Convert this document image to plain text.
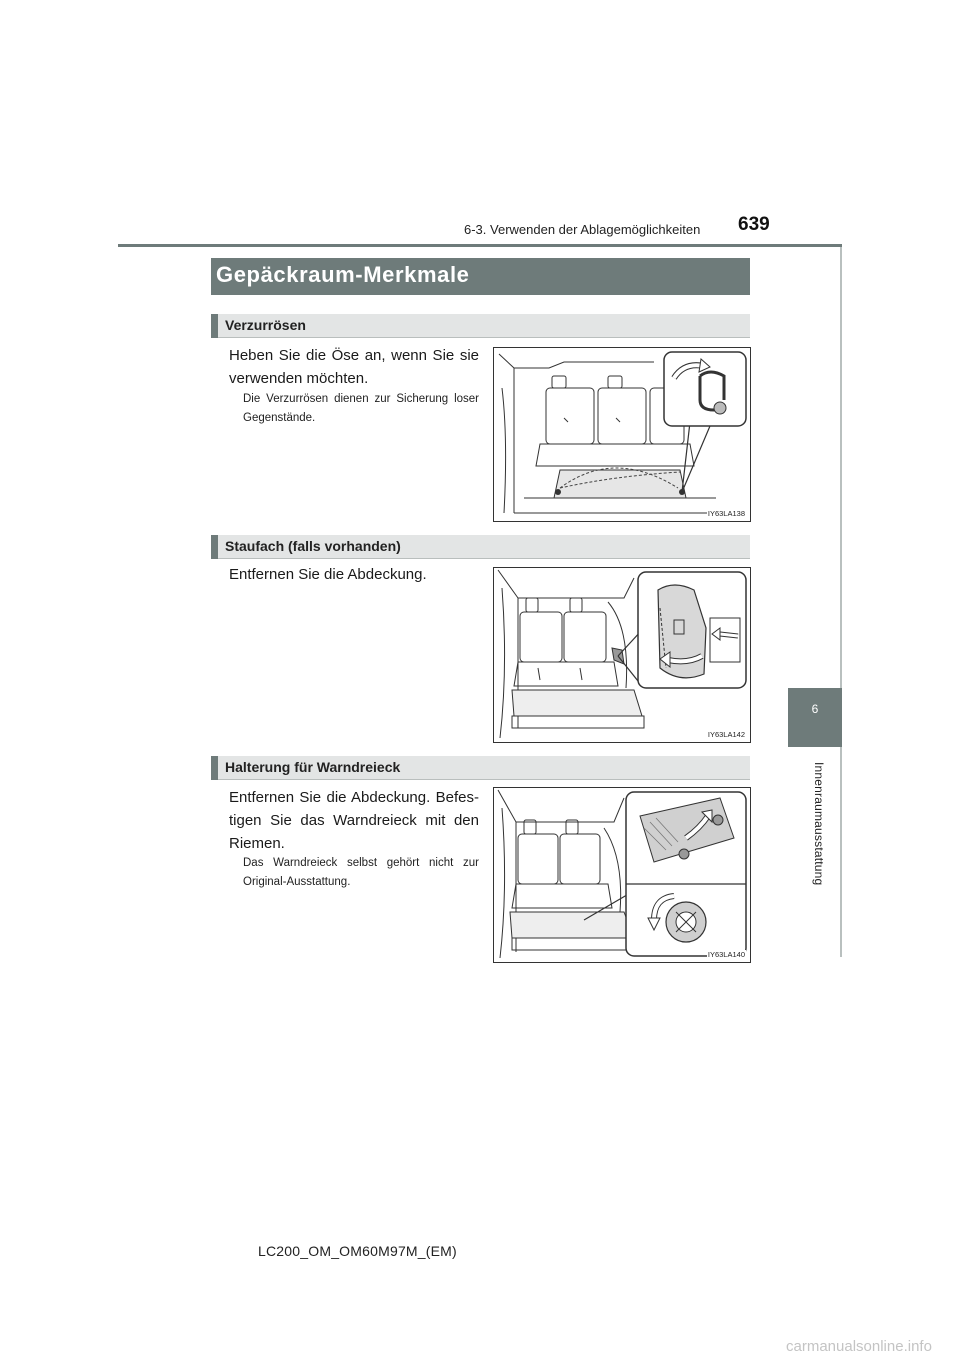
6-3. Verwenden der Ablagemöglichkeiten 639
6
Innenraumausstattung
Gepäckraum-Merkmale
Verzurrösen
Heben Sie die Öse an, wenn Sie sie verwenden möchten.
Die Verzurrösen dienen zur Sicherung loser Gegenstände.
IY63LA138
Staufach (falls vorhanden)
Entfernen Sie die Abdeckung.
IY63LA142
Halterung für Warndreieck
Entfernen Sie die Abdeckung. Befes-tigen Sie das Warndreieck mit den Riemen.
Das Warndreieck selbst gehört nicht zur Original-Ausstattung.
IY63LA140
LC200_OM_OM60M97M_(EM)
carmanualsonline.info
